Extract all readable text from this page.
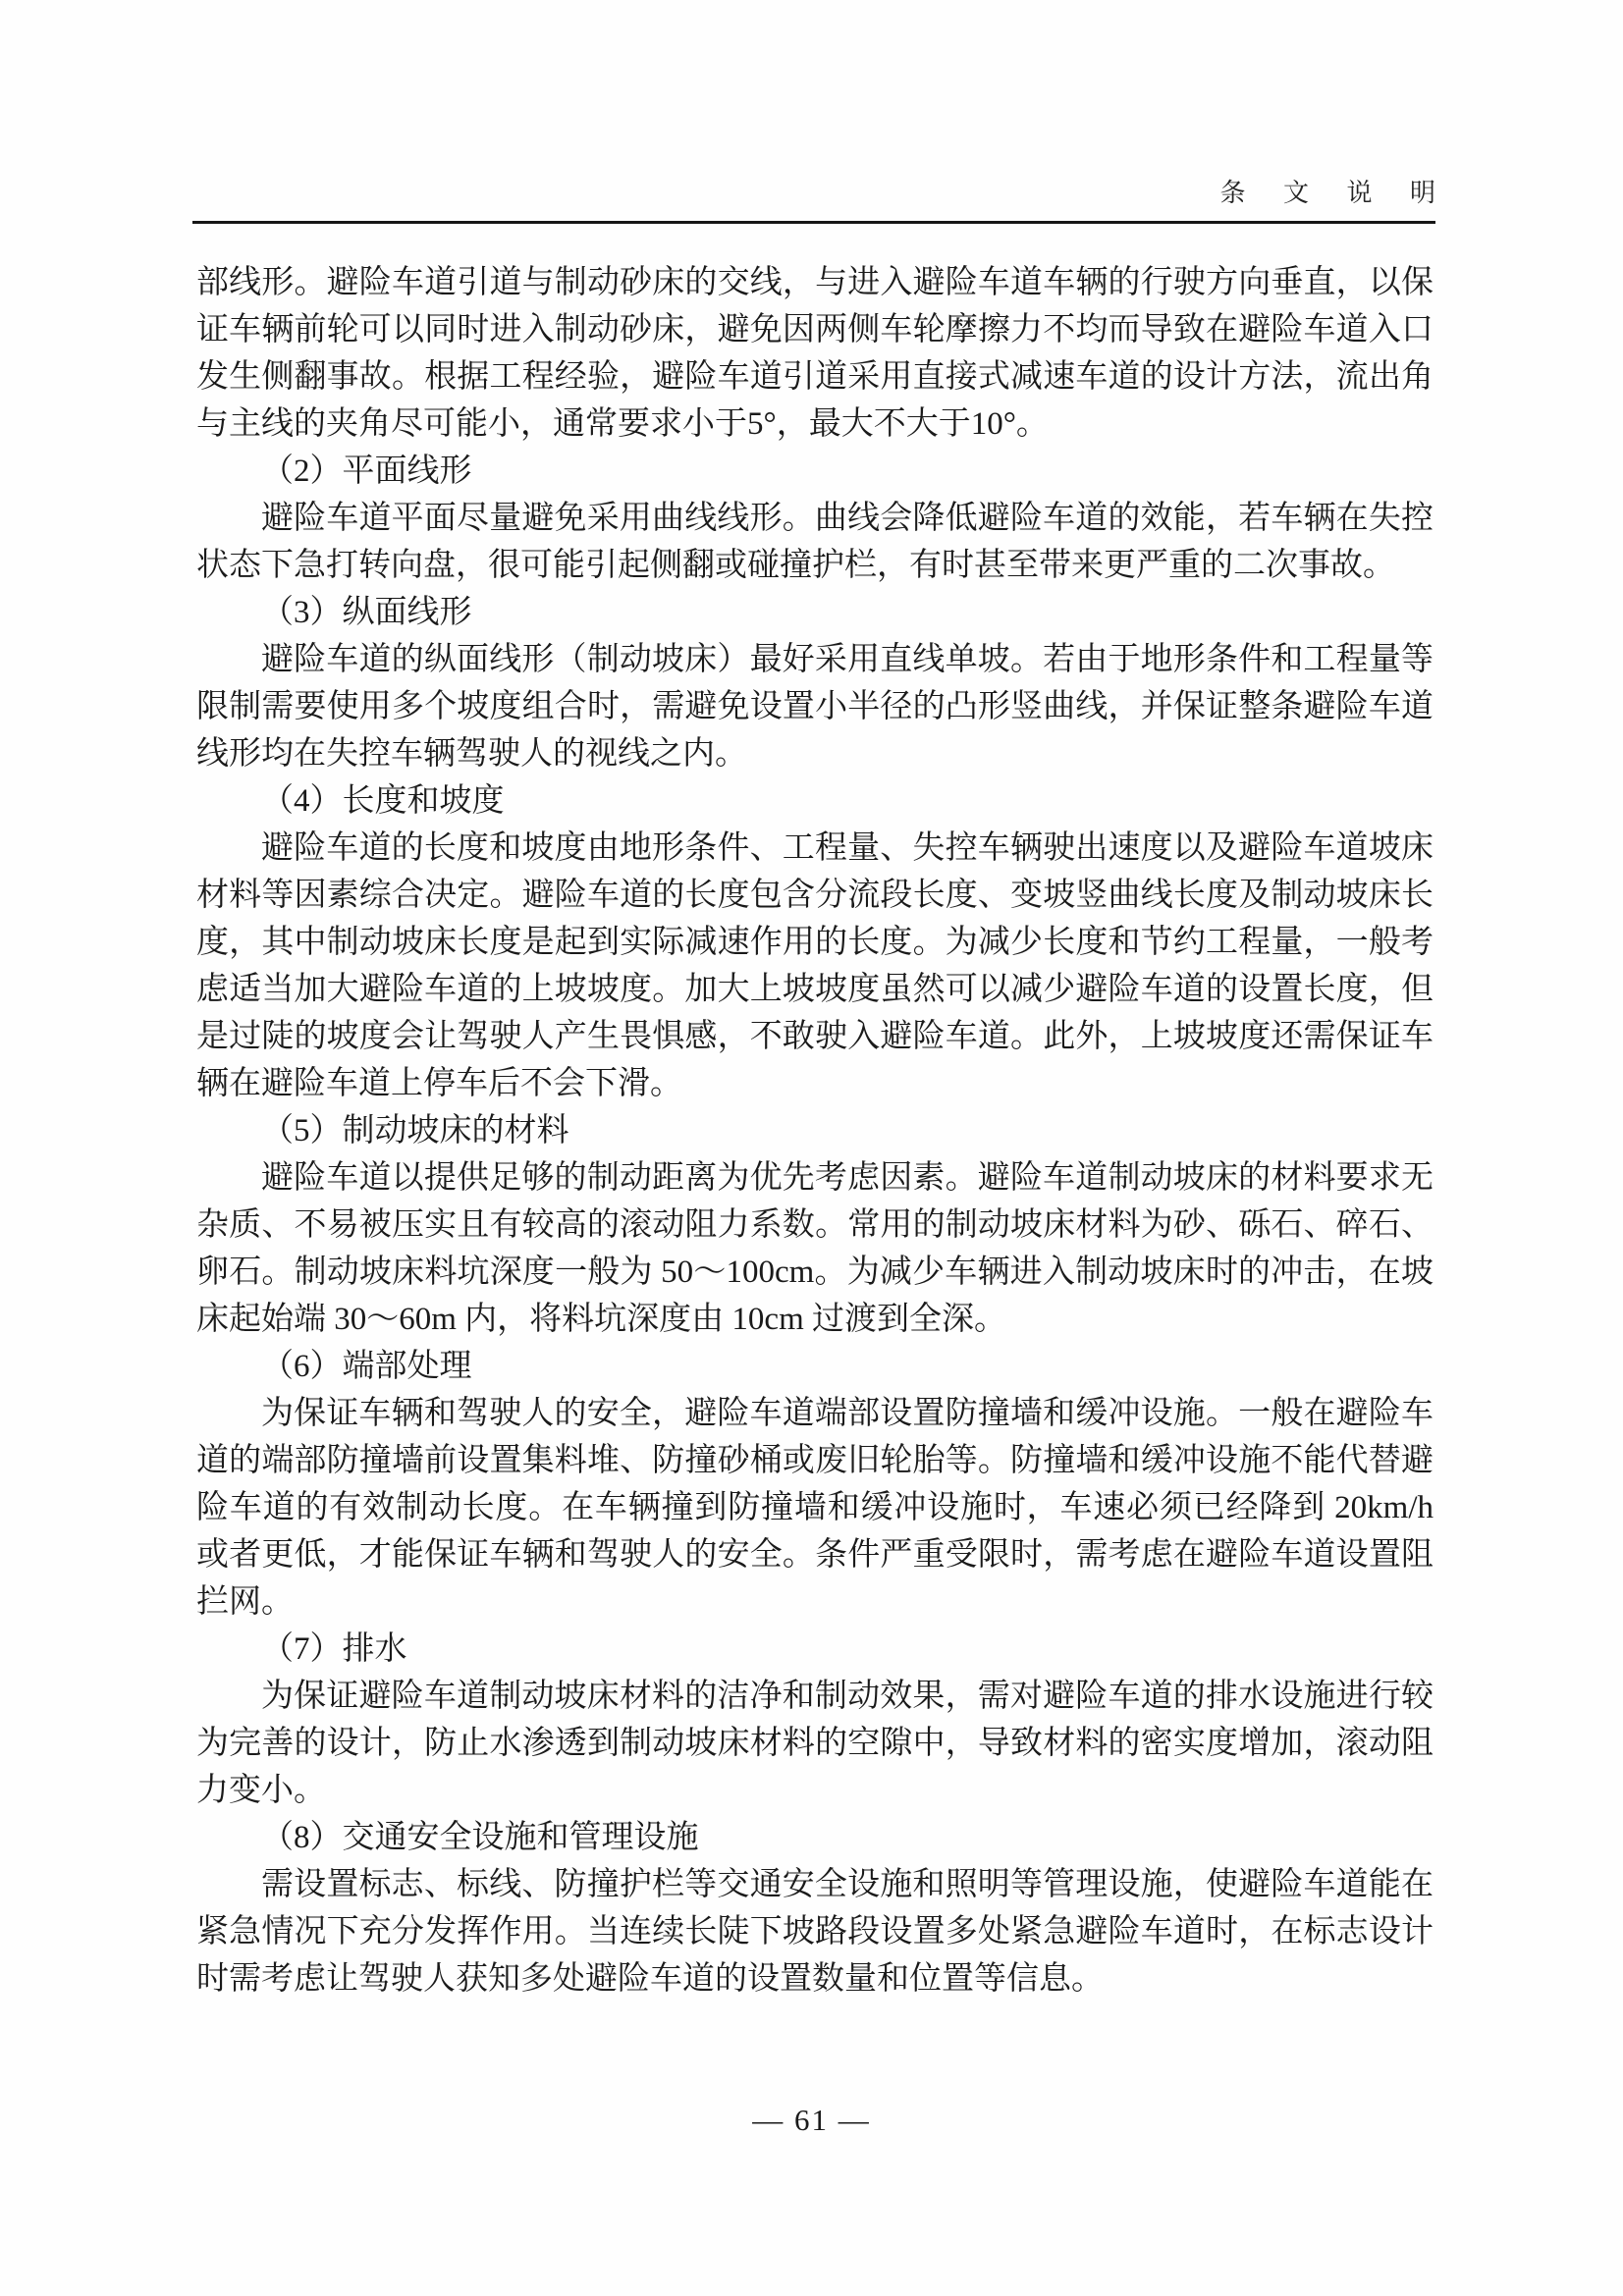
条 文 说 明

部线形。避险车道引道与制动砂床的交线，与进入避险车道车辆的行驶方向垂直，以保证车辆前轮可以同时进入制动砂床，避免因两侧车轮摩擦力不均而导致在避险车道入口发生侧翻事故。根据工程经验，避险车道引道采用直接式减速车道的设计方法，流出角与主线的夹角尽可能小，通常要求小于5°，最大不大于10°。

（2）平面线形

避险车道平面尽量避免采用曲线线形。曲线会降低避险车道的效能，若车辆在失控状态下急打转向盘，很可能引起侧翻或碰撞护栏，有时甚至带来更严重的二次事故。

（3）纵面线形

避险车道的纵面线形（制动坡床）最好采用直线单坡。若由于地形条件和工程量等限制需要使用多个坡度组合时，需避免设置小半径的凸形竖曲线，并保证整条避险车道线形均在失控车辆驾驶人的视线之内。

（4）长度和坡度

避险车道的长度和坡度由地形条件、工程量、失控车辆驶出速度以及避险车道坡床材料等因素综合决定。避险车道的长度包含分流段长度、变坡竖曲线长度及制动坡床长度，其中制动坡床长度是起到实际减速作用的长度。为减少长度和节约工程量，一般考虑适当加大避险车道的上坡坡度。加大上坡坡度虽然可以减少避险车道的设置长度，但是过陡的坡度会让驾驶人产生畏惧感，不敢驶入避险车道。此外，上坡坡度还需保证车辆在避险车道上停车后不会下滑。

（5）制动坡床的材料

避险车道以提供足够的制动距离为优先考虑因素。避险车道制动坡床的材料要求无杂质、不易被压实且有较高的滚动阻力系数。常用的制动坡床材料为砂、砾石、碎石、卵石。制动坡床料坑深度一般为 50～100cm。为减少车辆进入制动坡床时的冲击，在坡床起始端 30～60m 内，将料坑深度由 10cm 过渡到全深。

（6）端部处理

为保证车辆和驾驶人的安全，避险车道端部设置防撞墙和缓冲设施。一般在避险车道的端部防撞墙前设置集料堆、防撞砂桶或废旧轮胎等。防撞墙和缓冲设施不能代替避险车道的有效制动长度。在车辆撞到防撞墙和缓冲设施时，车速必须已经降到 20km/h 或者更低，才能保证车辆和驾驶人的安全。条件严重受限时，需考虑在避险车道设置阻拦网。

（7）排水

为保证避险车道制动坡床材料的洁净和制动效果，需对避险车道的排水设施进行较为完善的设计，防止水渗透到制动坡床材料的空隙中，导致材料的密实度增加，滚动阻力变小。

（8）交通安全设施和管理设施

需设置标志、标线、防撞护栏等交通安全设施和照明等管理设施，使避险车道能在紧急情况下充分发挥作用。当连续长陡下坡路段设置多处紧急避险车道时，在标志设计时需考虑让驾驶人获知多处避险车道的设置数量和位置等信息。

— 61 —
